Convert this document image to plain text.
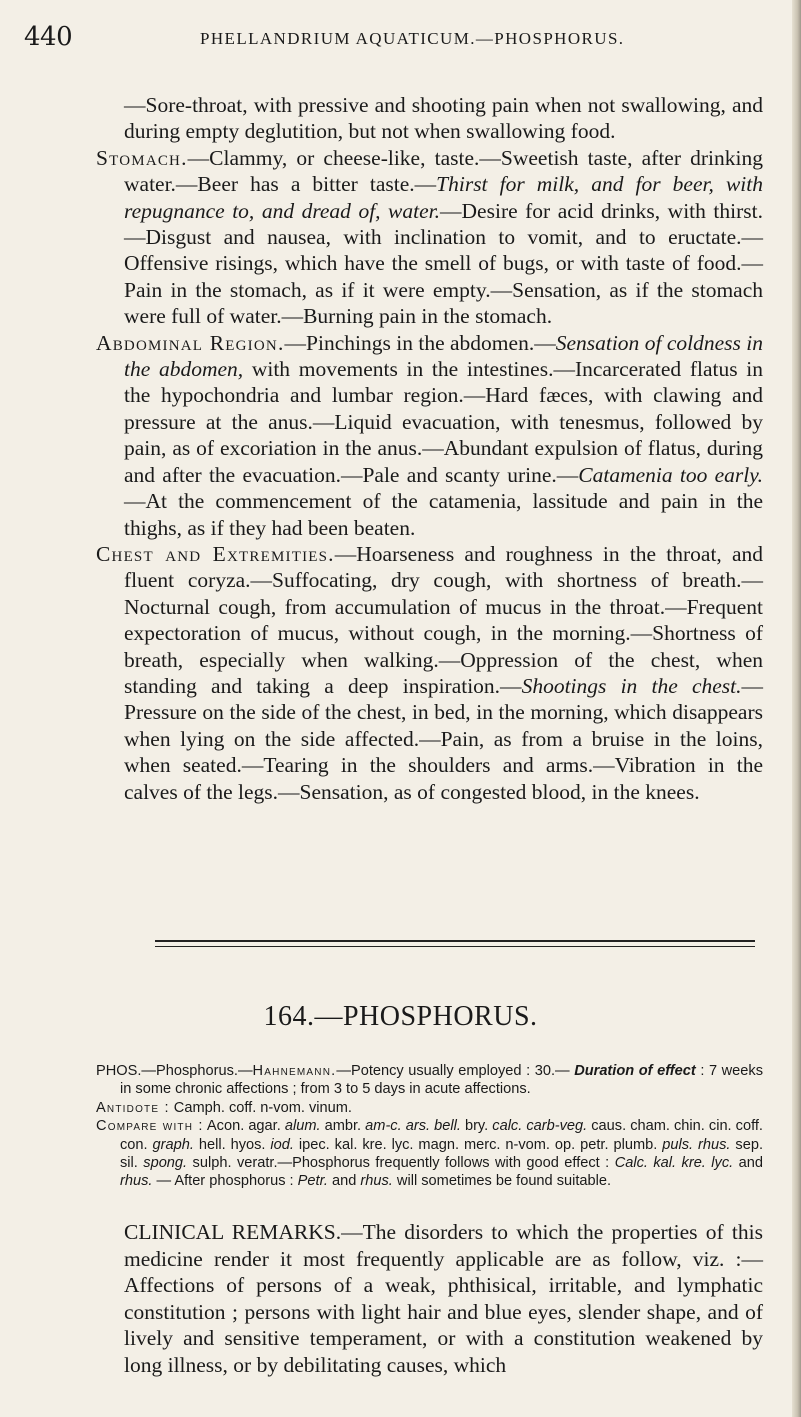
440	PHELLANDRIUM AQUATICUM.—PHOSPHORUS.

—Sore-throat, with pressive and shooting pain when not swallowing, and during empty deglutition, but not when swallowing food.

Stomach.—Clammy, or cheese-like, taste.—Sweetish taste, after drinking water.—Beer has a bitter taste.—Thirst for milk, and for beer, with repugnance to, and dread of, water.—Desire for acid drinks, with thirst.—Disgust and nausea, with inclination to vomit, and to eructate.—Offensive risings, which have the smell of bugs, or with taste of food.—Pain in the stomach, as if it were empty.—Sensation, as if the stomach were full of water.—Burning pain in the stomach.

Abdominal Region.—Pinchings in the abdomen.—Sensation of coldness in the abdomen, with movements in the intestines.—Incarcerated flatus in the hypochondria and lumbar region.—Hard fæces, with clawing and pressure at the anus.—Liquid evacuation, with tenesmus, followed by pain, as of excoriation in the anus.—Abundant expulsion of flatus, during and after the evacuation.—Pale and scanty urine.—Catamenia too early.—At the commencement of the catamenia, lassitude and pain in the thighs, as if they had been beaten.

Chest and Extremities.—Hoarseness and roughness in the throat, and fluent coryza.—Suffocating, dry cough, with shortness of breath.—Nocturnal cough, from accumulation of mucus in the throat.—Frequent expectoration of mucus, without cough, in the morning.—Shortness of breath, especially when walking.—Oppression of the chest, when standing and taking a deep inspiration.—Shootings in the chest.—Pressure on the side of the chest, in bed, in the morning, which disappears when lying on the side affected.—Pain, as from a bruise in the loins, when seated.—Tearing in the shoulders and arms.—Vibration in the calves of the legs.—Sensation, as of congested blood, in the knees.

164.—PHOSPHORUS.

PHOS.—Phosphorus.—Hahnemann.—Potency usually employed : 30.— Duration of effect : 7 weeks in some chronic affections ; from 3 to 5 days in acute affections.

Antidote : Camph. coff. n-vom. vinum.

Compare with : Acon. agar. alum. ambr. am-c. ars. bell. bry. calc. carb-veg. caus. cham. chin. cin. coff. con. graph. hell. hyos. iod. ipec. kal. kre. lyc. magn. merc. n-vom. op. petr. plumb. puls. rhus. sep. sil. spong. sulph. veratr.—Phosphorus frequently follows with good effect : Calc. kal. kre. lyc. and rhus. — After phosphorus : Petr. and rhus. will sometimes be found suitable.

CLINICAL REMARKS.—The disorders to which the properties of this medicine render it most frequently applicable are as follow, viz. :—Affections of persons of a weak, phthisical, irritable, and lymphatic constitution ; persons with light hair and blue eyes, slender shape, and of lively and sensitive temperament, or with a constitution weakened by long illness, or by debilitating causes, which
